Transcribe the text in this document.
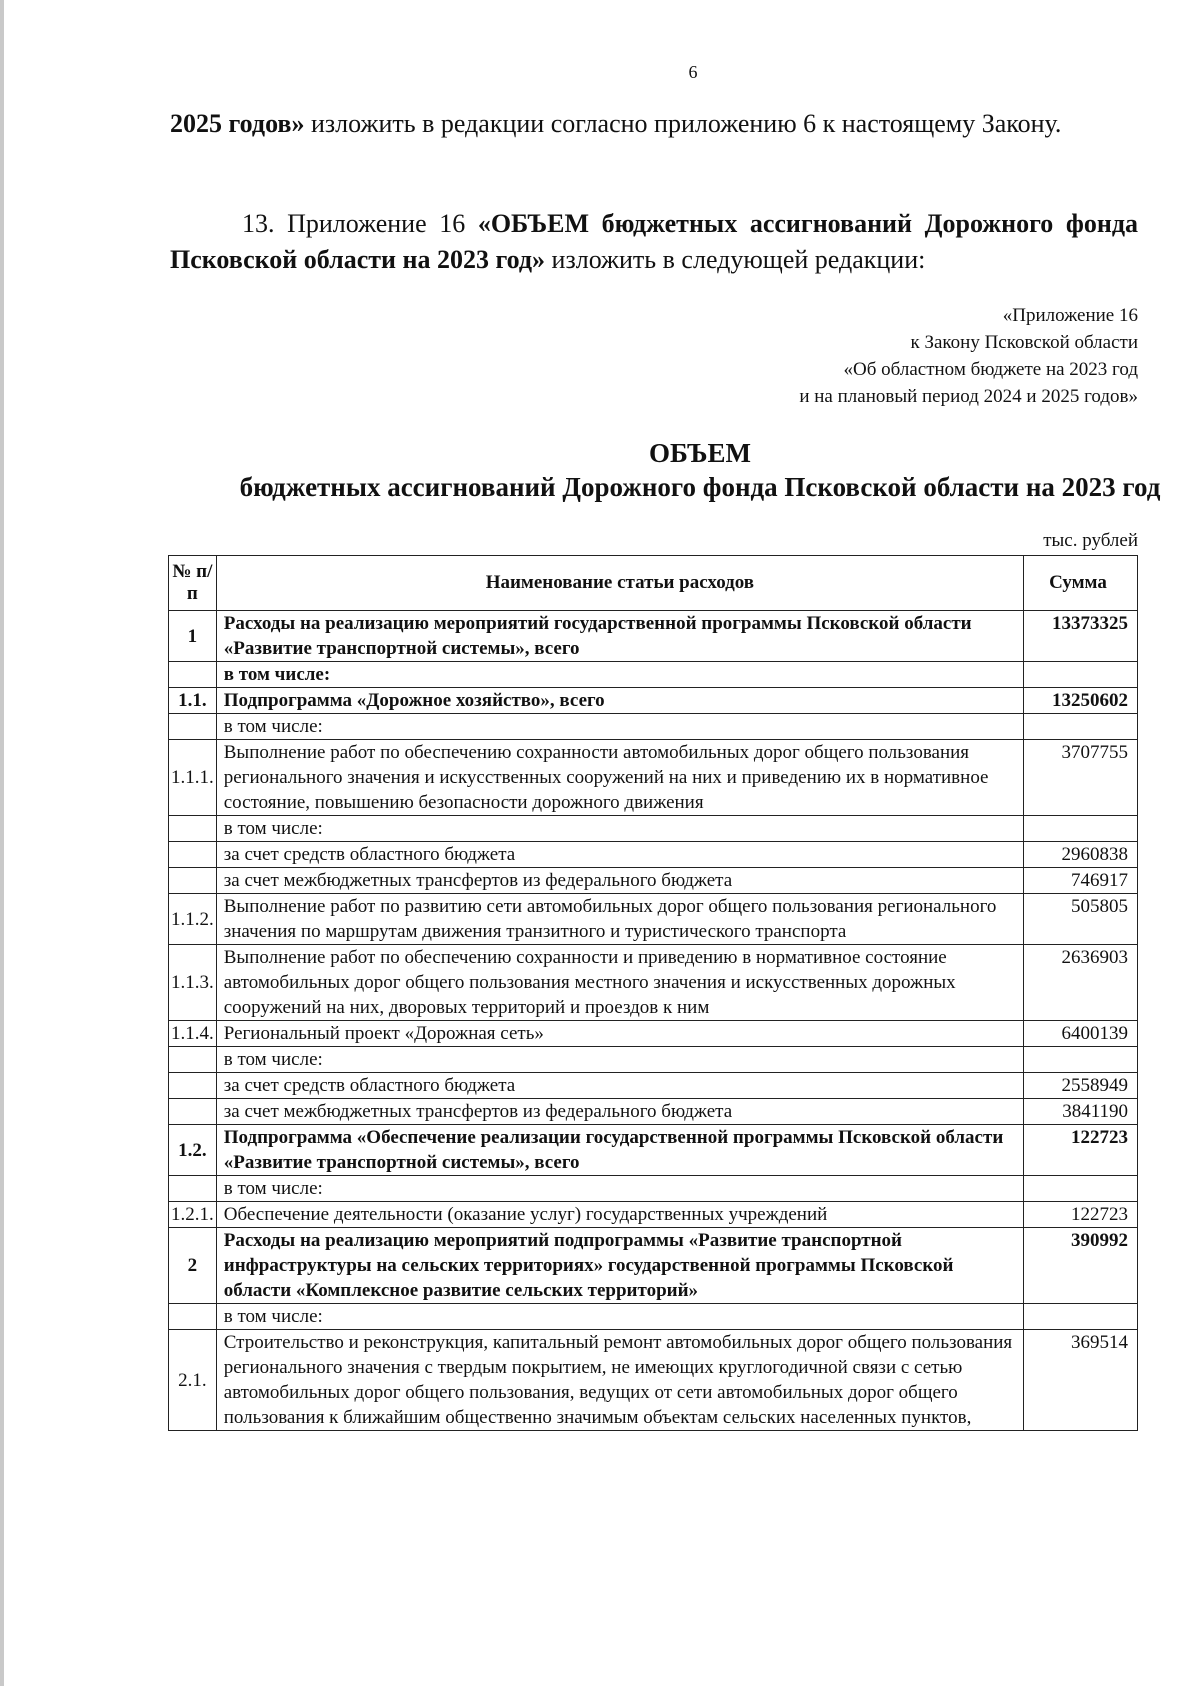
6
2025 годов» изложить в редакции согласно приложению 6 к настоящему Закону.
13. Приложение 16 «ОБЪЕМ бюджетных ассигнований Дорожного фонда Псковской области на 2023 год» изложить в следующей редакции:
«Приложение 16
к Закону Псковской области
«Об областном бюджете на 2023 год
и на плановый период 2024 и 2025 годов»
ОБЪЕМ
бюджетных ассигнований Дорожного фонда Псковской области на 2023 год
тыс. рублей
№ п/п	Наименование статьи расходов	Сумма
1	Расходы на реализацию мероприятий государственной программы Псковской области «Развитие транспортной системы», всего	13373325
	в том числе:	
1.1.	Подпрограмма «Дорожное хозяйство», всего	13250602
	в том числе:	
1.1.1.	Выполнение работ по обеспечению сохранности автомобильных дорог общего пользования регионального значения и искусственных сооружений на них и приведению их в нормативное состояние, повышению безопасности дорожного движения	3707755
	в том числе:	
	за счет средств областного бюджета	2960838
	за счет межбюджетных трансфертов из федерального бюджета	746917
1.1.2.	Выполнение работ по развитию сети автомобильных дорог общего пользования регионального значения по маршрутам движения транзитного и туристического транспорта	505805
1.1.3.	Выполнение работ по обеспечению сохранности и приведению в нормативное состояние автомобильных дорог общего пользования местного значения и искусственных дорожных сооружений на них, дворовых территорий и проездов к ним	2636903
1.1.4.	Региональный проект «Дорожная сеть»	6400139
	в том числе:	
	за счет средств областного бюджета	2558949
	за счет межбюджетных трансфертов из федерального бюджета	3841190
1.2.	Подпрограмма «Обеспечение реализации государственной программы Псковской области «Развитие транспортной системы», всего	122723
	в том числе:	
1.2.1.	Обеспечение деятельности (оказание услуг) государственных учреждений	122723
2	Расходы на реализацию мероприятий подпрограммы «Развитие транспортной инфраструктуры на сельских территориях» государственной программы Псковской области «Комплексное развитие сельских территорий»	390992
	в том числе:	
2.1.	Строительство и реконструкция, капитальный ремонт автомобильных дорог общего пользования регионального значения с твердым покрытием, не имеющих круглогодичной связи с сетью автомобильных дорог общего пользования, ведущих от сети автомобильных дорог общего пользования к ближайшим общественно значимым объектам сельских населенных пунктов,	369514
